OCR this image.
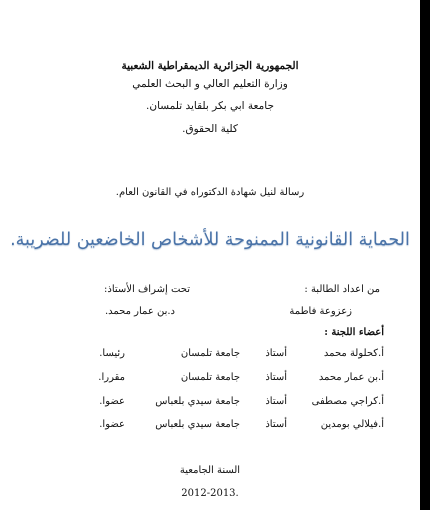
الجمهورية الجزائرية الديمقراطية الشعبية
وزارة التعليم العالي و البحث العلمي
جامعة ابي بكر بلقايد تلمسان.
كلية الحقوق.
رسالة لنيل شهادة الدكتوراه في القانون العام.
الحماية القانونية الممنوحة للأشخاص الخاضعين للضريبة.
من اعداد الطالبة :
تحت إشراف الأستاذ:
زعزوعة فاطمة
د.بن عمار محمد.
أعضاء اللجنة :
أ.كحلولة محمد
أستاذ
جامعة تلمسان
رئيسا.
أ.بن عمار محمد
أستاذ
جامعة تلمسان
مقررا.
أ.كراجي مصطفى
أستاذ
جامعة سيدي بلعباس
عضوا.
أ.فيلالي بومدين
أستاذ
جامعة سيدي بلعباس
عضوا.
السنة الجامعية
2012-2013.
